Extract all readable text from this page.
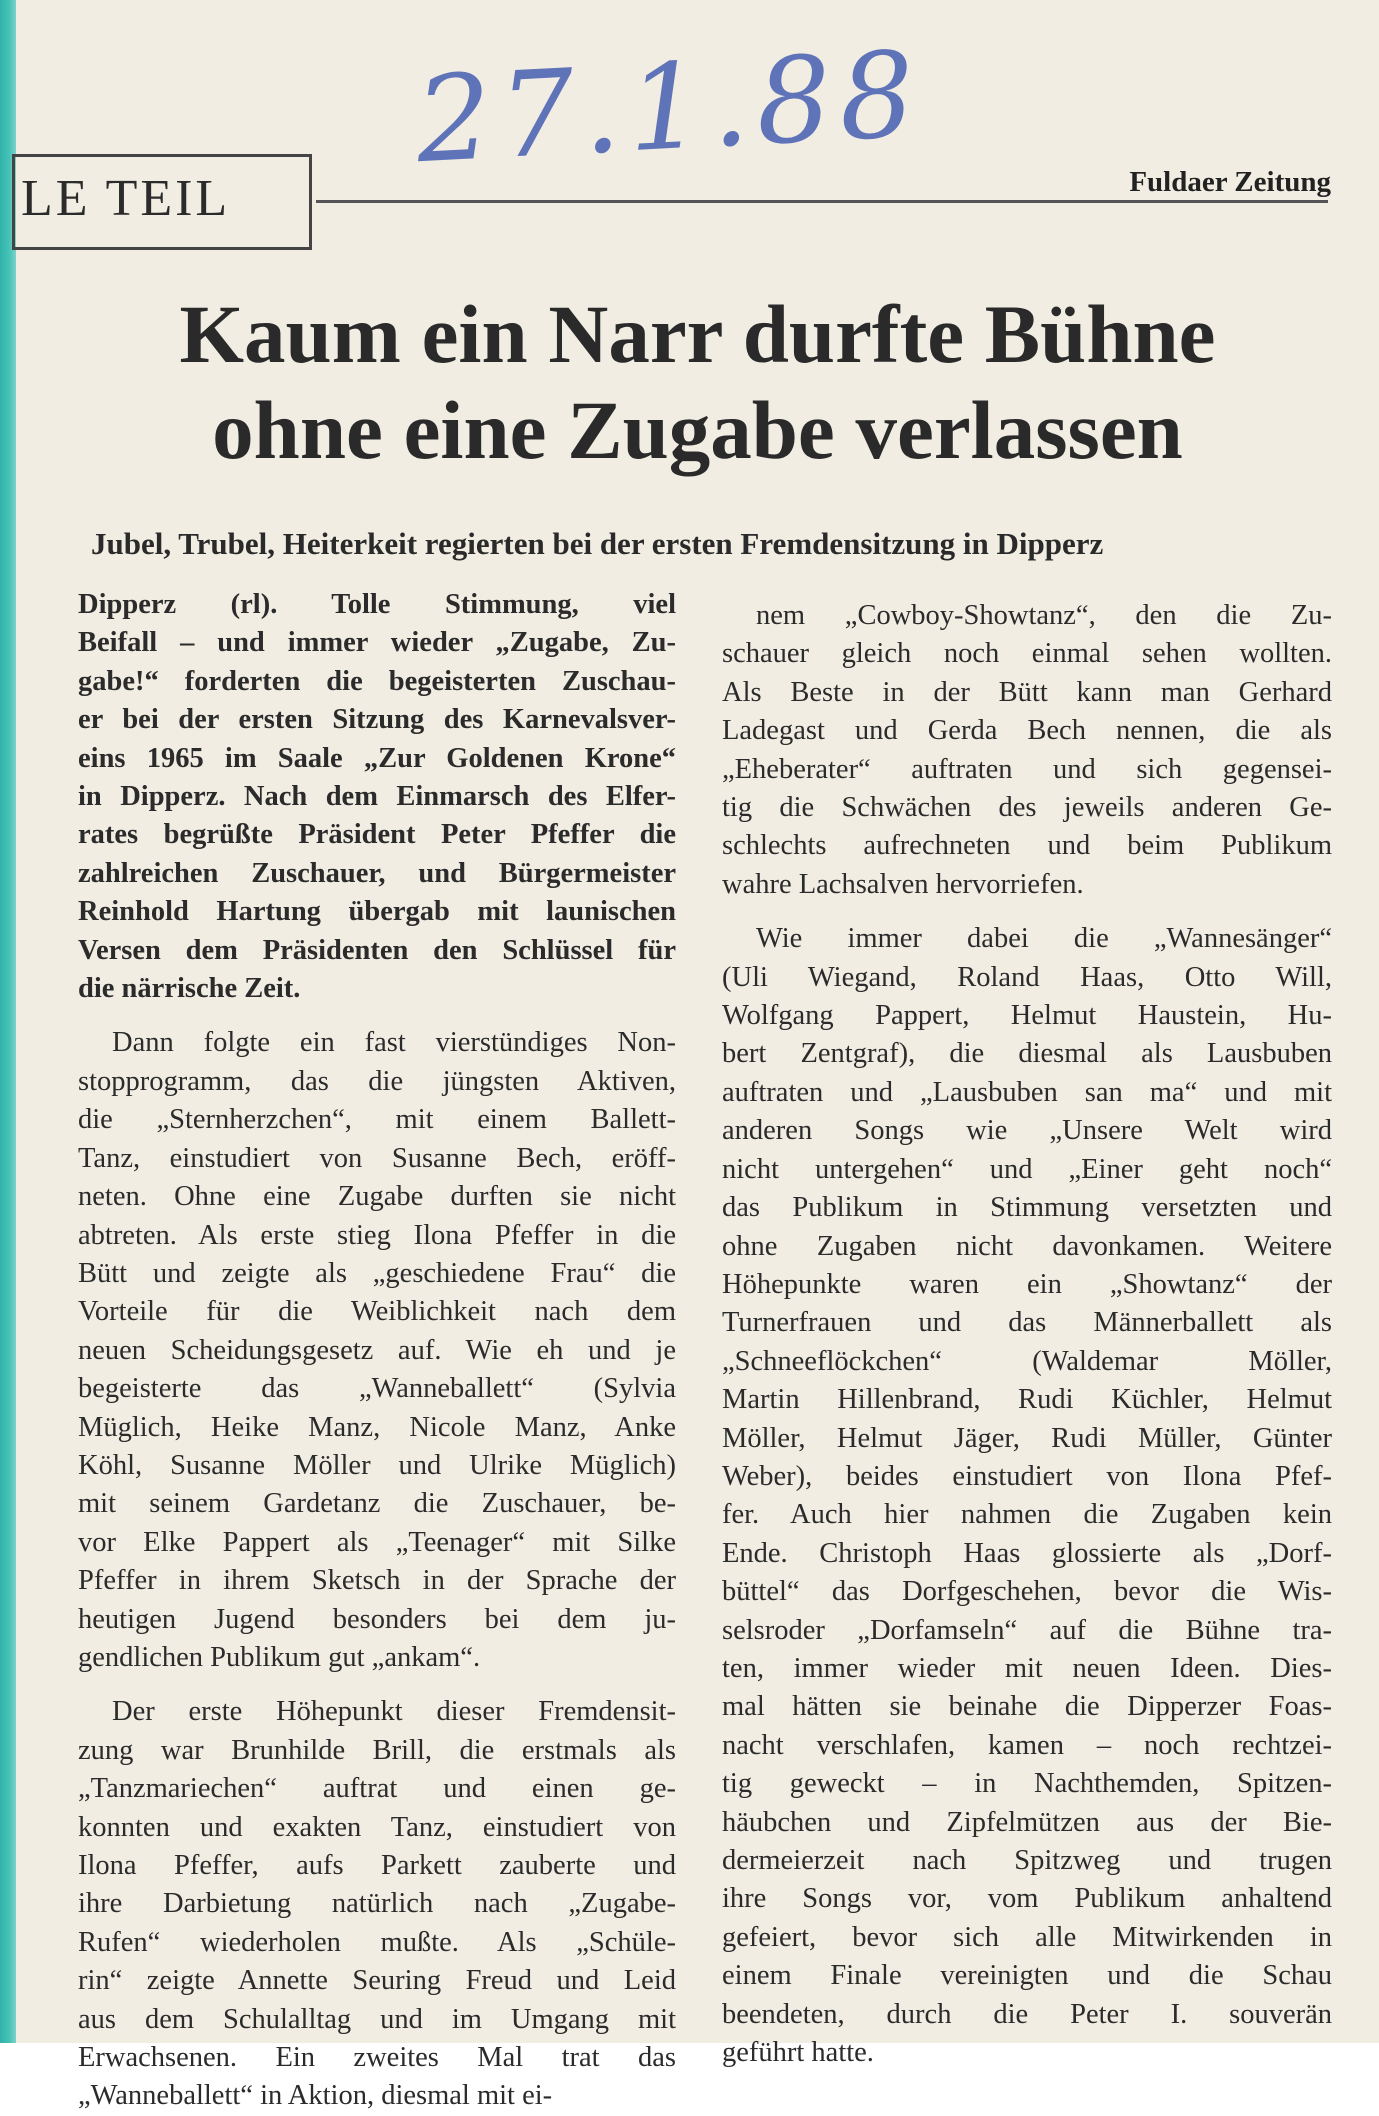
27.1.88
LE TEIL	Fuldaer Zeitung
Kaum ein Narr durfte Bühne
ohne eine Zugabe verlassen
Jubel, Trubel, Heiterkeit regierten bei der ersten Fremdensitzung in Dipperz
Dipperz (rl). Tolle Stimmung, viel
Beifall – und immer wieder „Zugabe, Zu-
gabe!“ forderten die begeisterten Zuschau-
er bei der ersten Sitzung des Karnevalsver-
eins 1965 im Saale „Zur Goldenen Krone“
in Dipperz. Nach dem Einmarsch des Elfer-
rates begrüßte Präsident Peter Pfeffer die
zahlreichen Zuschauer, und Bürgermeister
Reinhold Hartung übergab mit launischen
Versen dem Präsidenten den Schlüssel für
die närrische Zeit.
Dann folgte ein fast vierstündiges Non-
stopprogramm, das die jüngsten Aktiven,
die „Sternherzchen“, mit einem Ballett-
Tanz, einstudiert von Susanne Bech, eröff-
neten. Ohne eine Zugabe durften sie nicht
abtreten. Als erste stieg Ilona Pfeffer in die
Bütt und zeigte als „geschiedene Frau“ die
Vorteile für die Weiblichkeit nach dem
neuen Scheidungsgesetz auf. Wie eh und je
begeisterte das „Wanneballett“ (Sylvia
Müglich, Heike Manz, Nicole Manz, Anke
Köhl, Susanne Möller und Ulrike Müglich)
mit seinem Gardetanz die Zuschauer, be-
vor Elke Pappert als „Teenager“ mit Silke
Pfeffer in ihrem Sketsch in der Sprache der
heutigen Jugend besonders bei dem ju-
gendlichen Publikum gut „ankam“.
Der erste Höhepunkt dieser Fremdensit-
zung war Brunhilde Brill, die erstmals als
„Tanzmariechen“ auftrat und einen ge-
konnten und exakten Tanz, einstudiert von
Ilona Pfeffer, aufs Parkett zauberte und
ihre Darbietung natürlich nach „Zugabe-
Rufen“ wiederholen mußte. Als „Schüle-
rin“ zeigte Annette Seuring Freud und Leid
aus dem Schulalltag und im Umgang mit
Erwachsenen. Ein zweites Mal trat das
„Wanneballett“ in Aktion, diesmal mit ei-
nem „Cowboy-Showtanz“, den die Zu-
schauer gleich noch einmal sehen wollten.
Als Beste in der Bütt kann man Gerhard
Ladegast und Gerda Bech nennen, die als
„Eheberater“ auftraten und sich gegensei-
tig die Schwächen des jeweils anderen Ge-
schlechts aufrechneten und beim Publikum
wahre Lachsalven hervorriefen.
Wie immer dabei die „Wannesänger“
(Uli Wiegand, Roland Haas, Otto Will,
Wolfgang Pappert, Helmut Haustein, Hu-
bert Zentgraf), die diesmal als Lausbuben
auftraten und „Lausbuben san ma“ und mit
anderen Songs wie „Unsere Welt wird
nicht untergehen“ und „Einer geht noch“
das Publikum in Stimmung versetzten und
ohne Zugaben nicht davonkamen. Weitere
Höhepunkte waren ein „Showtanz“ der
Turnerfrauen und das Männerballett als
„Schneeflöckchen“ (Waldemar Möller,
Martin Hillenbrand, Rudi Küchler, Helmut
Möller, Helmut Jäger, Rudi Müller, Günter
Weber), beides einstudiert von Ilona Pfef-
fer. Auch hier nahmen die Zugaben kein
Ende. Christoph Haas glossierte als „Dorf-
büttel“ das Dorfgeschehen, bevor die Wis-
selsroder „Dorfamseln“ auf die Bühne tra-
ten, immer wieder mit neuen Ideen. Dies-
mal hätten sie beinahe die Dipperzer Foas-
nacht verschlafen, kamen – noch rechtzei-
tig geweckt – in Nachthemden, Spitzen-
häubchen und Zipfelmützen aus der Bie-
dermeierzeit nach Spitzweg und trugen
ihre Songs vor, vom Publikum anhaltend
gefeiert, bevor sich alle Mitwirkenden in
einem Finale vereinigten und die Schau
beendeten, durch die Peter I. souverän
geführt hatte.
